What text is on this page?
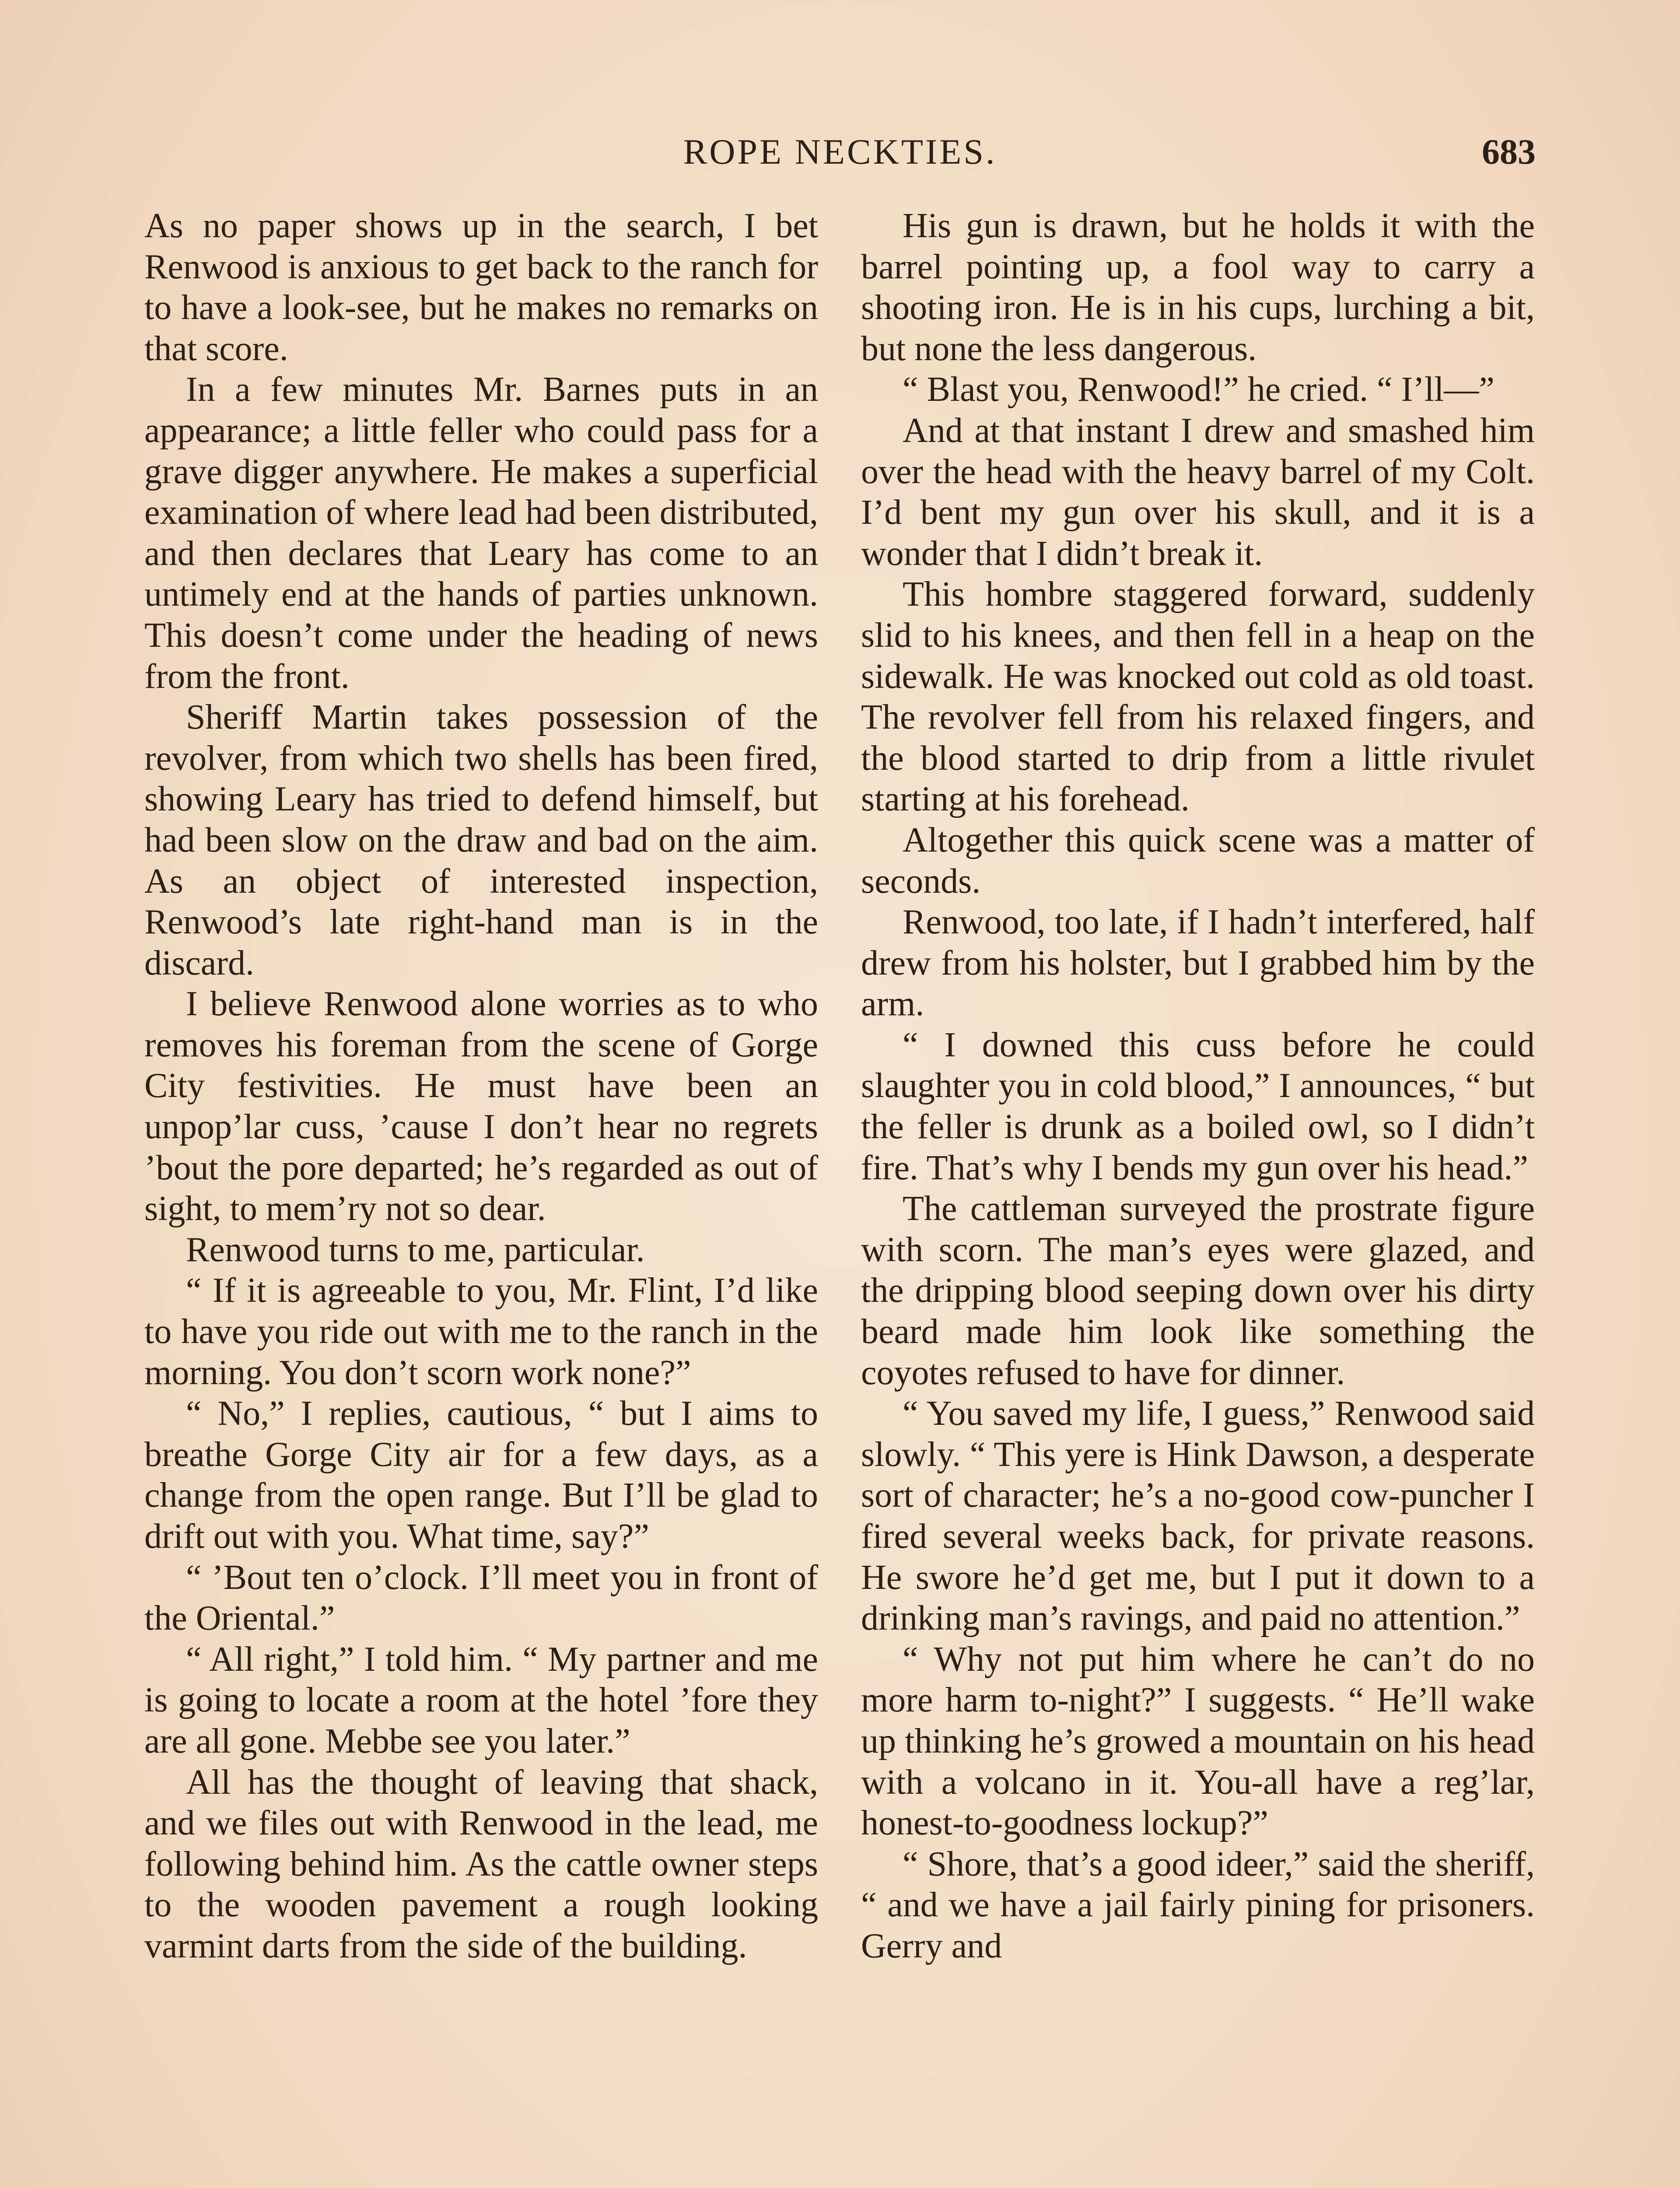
ROPE NECKTIES.	683

As no paper shows up in the search, I bet Renwood is anxious to get back to the ranch for to have a look-see, but he makes no remarks on that score.

In a few minutes Mr. Barnes puts in an appearance; a little feller who could pass for a grave digger anywhere. He makes a superficial examination of where lead had been distributed, and then declares that Leary has come to an untimely end at the hands of parties unknown. This doesn’t come under the heading of news from the front.

Sheriff Martin takes possession of the revolver, from which two shells has been fired, showing Leary has tried to defend himself, but had been slow on the draw and bad on the aim. As an object of interested inspection, Renwood’s late right-hand man is in the discard.

I believe Renwood alone worries as to who removes his foreman from the scene of Gorge City festivities. He must have been an unpop’lar cuss, ’cause I don’t hear no regrets ’bout the pore departed; he’s regarded as out of sight, to mem’ry not so dear.

Renwood turns to me, particular.

“ If it is agreeable to you, Mr. Flint, I’d like to have you ride out with me to the ranch in the morning. You don’t scorn work none?”

“ No,” I replies, cautious, “ but I aims to breathe Gorge City air for a few days, as a change from the open range. But I’ll be glad to drift out with you. What time, say?”

“ ’Bout ten o’clock. I’ll meet you in front of the Oriental.”

“ All right,” I told him. “ My partner and me is going to locate a room at the hotel ’fore they are all gone. Mebbe see you later.”

All has the thought of leaving that shack, and we files out with Renwood in the lead, me following behind him. As the cattle owner steps to the wooden pavement a rough looking varmint darts from the side of the building.

His gun is drawn, but he holds it with the barrel pointing up, a fool way to carry a shooting iron. He is in his cups, lurching a bit, but none the less dangerous.

“ Blast you, Renwood!” he cried. “ I’ll—”

And at that instant I drew and smashed him over the head with the heavy barrel of my Colt. I’d bent my gun over his skull, and it is a wonder that I didn’t break it.

This hombre staggered forward, suddenly slid to his knees, and then fell in a heap on the sidewalk. He was knocked out cold as old toast. The revolver fell from his relaxed fingers, and the blood started to drip from a little rivulet starting at his forehead.

Altogether this quick scene was a matter of seconds.

Renwood, too late, if I hadn’t interfered, half drew from his holster, but I grabbed him by the arm.

“ I downed this cuss before he could slaughter you in cold blood,” I announces, “ but the feller is drunk as a boiled owl, so I didn’t fire. That’s why I bends my gun over his head.”

The cattleman surveyed the prostrate figure with scorn. The man’s eyes were glazed, and the dripping blood seeping down over his dirty beard made him look like something the coyotes refused to have for dinner.

“ You saved my life, I guess,” Renwood said slowly. “ This yere is Hink Dawson, a desperate sort of character; he’s a no-good cow-puncher I fired several weeks back, for private reasons. He swore he’d get me, but I put it down to a drinking man’s ravings, and paid no attention.”

“ Why not put him where he can’t do no more harm to-night?” I suggests. “ He’ll wake up thinking he’s growed a mountain on his head with a volcano in it. You-all have a reg’lar, honest-to-goodness lockup?”

“ Shore, that’s a good ideer,” said the sheriff, “ and we have a jail fairly pining for prisoners. Gerry and
